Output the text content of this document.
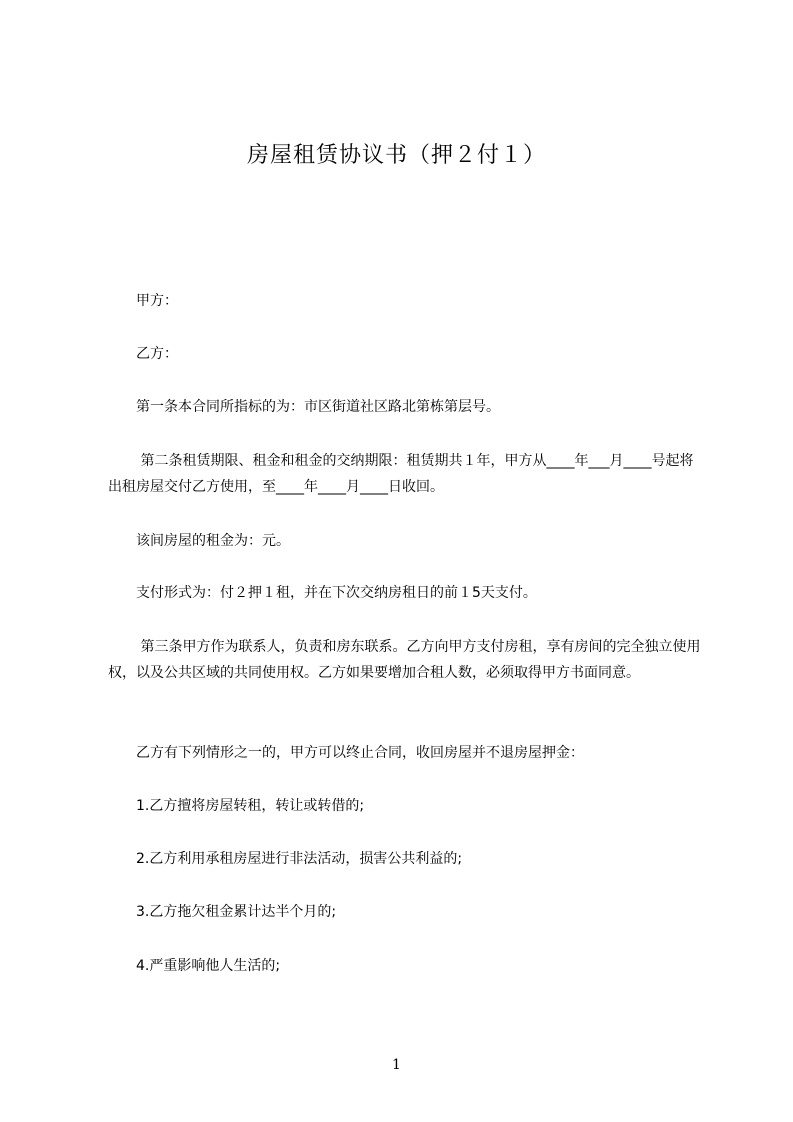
房屋租赁协议书（押２付１）
甲方：
乙方：
第一条本合同所指标的为：市区街道社区路北第栋第层号。
第二条租赁期限、租金和租金的交纳期限：租赁期共１年，甲方从____年___月____号起将出租房屋交付乙方使用，至____年____月____日收回。
该间房屋的租金为：元。
支付形式为：付２押１租，并在下次交纳房租日的前１5天支付。
第三条甲方作为联系人，负责和房东联系。乙方向甲方支付房租，享有房间的完全独立使用权，以及公共区域的共同使用权。乙方如果要增加合租人数，必须取得甲方书面同意。
乙方有下列情形之一的，甲方可以终止合同，收回房屋并不退房屋押金：
1.乙方擅将房屋转租，转让或转借的;
2.乙方利用承租房屋进行非法活动，损害公共利益的;
3.乙方拖欠租金累计达半个月的;
4.严重影响他人生活的;
1
